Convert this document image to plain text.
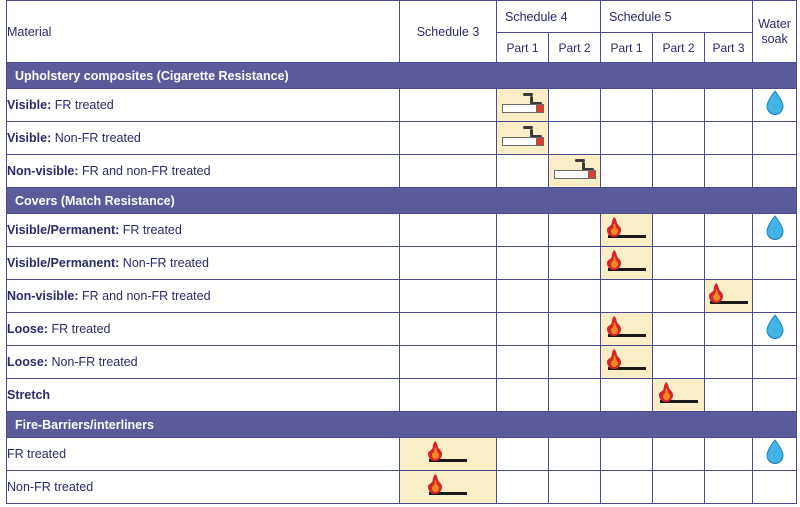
Material	Schedule 3	Schedule 4		Schedule 5			Water
soak
		Part 1	Part 2	Part 1	Part 2	Part 3	
Upholstery composites (Cigarette Resistance)							
Visible: FR treated		

Visible: Non-FR treated		

Non-visible: FR and non-FR treated			

Covers (Match Resistance)							
Visible/Permanent: FR treated				

Visible/Permanent: Non-FR treated				

Non-visible: FR and non-FR treated						

Loose: FR treated				

Loose: Non-FR treated				

Stretch					

Fire-Barriers/interliners							
FR treated	

Non-FR treated	
